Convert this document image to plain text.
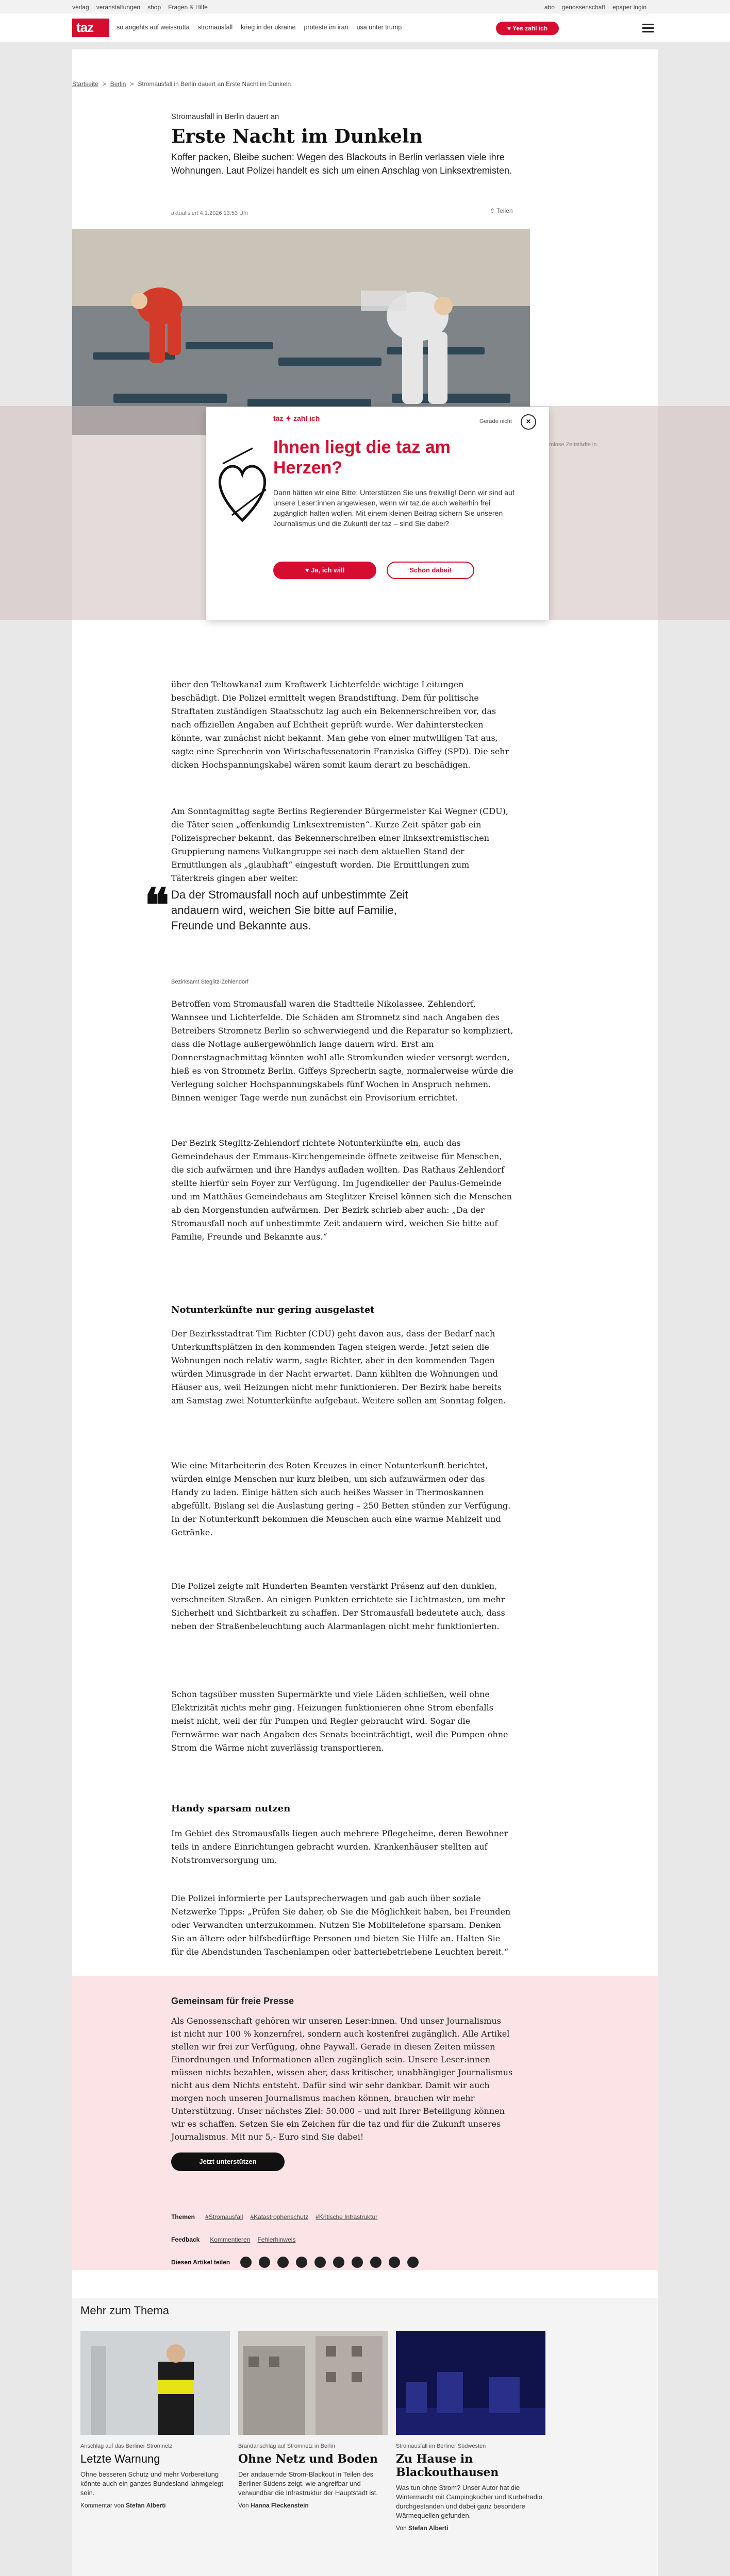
verlag veranstaltungen shop Fragen & Hilfe	abo genossenschaft epaper login
taz	so angehts auf weissrutta stromausfall krieg in der ukraine proteste im iran usa unter trump	♥ Yes zahl ich
Startseite > Berlin > Stromausfall in Berlin dauert an Erste Nacht im Dunkeln
Stromausfall in Berlin dauert an
Erste Nacht im Dunkeln
Koffer packen, Bleibe suchen: Wegen des Blackouts in Berlin verlassen viele ihre Wohnungen. Laut Polizei handelt es sich um einen Anschlag von Linksextremisten.
aktualisiert 4.1.2026 13:53 Uhr	⇪ Teilen

über den Teltowkanal zum Kraftwerk Lichterfelde wichtige Leitungen beschädigt. Die Polizei ermittelt wegen Brandstiftung. Dem für politische Straftaten zuständigen Staatsschutz lag auch ein Bekennerschreiben vor, das nach offiziellen Angaben auf Echtheit geprüft wurde. Wer dahinterstecken könnte, war zunächst nicht bekannt. Man gehe von einer mutwilligen Tat aus, sagte eine Sprecherin von Wirtschaftssenatorin Franziska Giffey (SPD). Die sehr dicken Hochspannungskabel wären somit kaum derart zu beschädigen.

Am Sonntagmittag sagte Berlins Regierender Bürgermeister Kai Wegner (CDU), die Täter seien „offenkundig Linksextremisten“. Kurze Zeit später gab ein Polizeisprecher bekannt, das Bekennerschreiben einer linksextremistischen Gruppierung namens Vulkangruppe sei nach dem aktuellen Stand der Ermittlungen als „glaubhaft“ eingestuft worden. Die Ermittlungen zum Täterkreis gingen aber weiter.

❝ Da der Stromausfall noch auf unbestimmte Zeit andauern wird, weichen Sie bitte auf Familie, Freunde und Bekannte aus.
Bezirksamt Steglitz-Zehlendorf

Betroffen vom Stromausfall waren die Stadtteile Nikolassee, Zehlendorf, Wannsee und Lichterfelde. Die Schäden am Stromnetz sind nach Angaben des Betreibers Stromnetz Berlin so schwerwiegend und die Reparatur so kompliziert, dass die Notlage außergewöhnlich lange dauern wird. Erst am Donnerstagnachmittag könnten wohl alle Stromkunden wieder versorgt werden, hieß es von Stromnetz Berlin. Giffeys Sprecherin sagte, normalerweise würde die Verlegung solcher Hochspannungskabels fünf Wochen in Anspruch nehmen. Binnen weniger Tage werde nun zunächst ein Provisorium errichtet.

Der Bezirk Steglitz-Zehlendorf richtete Notunterkünfte ein, auch das Gemeindehaus der Emmaus-Kirchengemeinde öffnete zeitweise für Menschen, die sich aufwärmen und ihre Handys aufladen wollten. Das Rathaus Zehlendorf stellte hierfür sein Foyer zur Verfügung. Im Jugendkeller der Paulus-Gemeinde und im Matthäus Gemeindehaus am Steglitzer Kreisel können sich die Menschen ab den Morgenstunden aufwärmen. Der Bezirk schrieb aber auch: „Da der Stromausfall noch auf unbestimmte Zeit andauern wird, weichen Sie bitte auf Familie, Freunde und Bekannte aus.“

Notunterkünfte nur gering ausgelastet

Der Bezirksstadtrat Tim Richter (CDU) geht davon aus, dass der Bedarf nach Unterkunftsplätzen in den kommenden Tagen steigen werde. Jetzt seien die Wohnungen noch relativ warm, sagte Richter, aber in den kommenden Tagen würden Minusgrade in der Nacht erwartet. Dann kühlten die Wohnungen und Häuser aus, weil Heizungen nicht mehr funktionieren. Der Bezirk habe bereits am Samstag zwei Notunterkünfte aufgebaut. Weitere sollen am Sonntag folgen.

Wie eine Mitarbeiterin des Roten Kreuzes in einer Notunterkunft berichtet, würden einige Menschen nur kurz bleiben, um sich aufzuwärmen oder das Handy zu laden. Einige hätten sich auch heißes Wasser in Thermoskannen abgefüllt. Bislang sei die Auslastung gering – 250 Betten stünden zur Verfügung. In der Notunterkunft bekommen die Menschen auch eine warme Mahlzeit und Getränke.

Die Polizei zeigte mit Hunderten Beamten verstärkt Präsenz auf den dunklen, verschneiten Straßen. An einigen Punkten errichtete sie Lichtmasten, um mehr Sicherheit und Sichtbarkeit zu schaffen. Der Stromausfall bedeutete auch, dass neben der Straßenbeleuchtung auch Alarmanlagen nicht mehr funktionierten.

Schon tagsüber mussten Supermärkte und viele Läden schließen, weil ohne Elektrizität nichts mehr ging. Heizungen funktionieren ohne Strom ebenfalls meist nicht, weil der für Pumpen und Regler gebraucht wird. Sogar die Fernwärme war nach Angaben des Senats beeinträchtigt, weil die Pumpen ohne Strom die Wärme nicht zuverlässig transportieren.

Handy sparsam nutzen

Im Gebiet des Stromausfalls liegen auch mehrere Pflegeheime, deren Bewohner teils in andere Einrichtungen gebracht wurden. Krankenhäuser stellten auf Notstromversorgung um.

Die Polizei informierte per Lautsprecherwagen und gab auch über soziale Netzwerke Tipps: „Prüfen Sie daher, ob Sie die Möglichkeit haben, bei Freunden oder Verwandten unterzukommen. Nutzen Sie Mobiltelefone sparsam. Denken Sie an ältere oder hilfsbedürftige Personen und bieten Sie Hilfe an. Halten Sie für die Abendstunden Taschenlampen oder batteriebetriebene Leuchten bereit.“

Gemeinsam für freie Presse

Als Genossenschaft gehören wir unseren Leser:innen. Und unser Journalismus ist nicht nur 100 % konzernfrei, sondern auch kostenfrei zugänglich. Alle Artikel stellen wir frei zur Verfügung, ohne Paywall. Gerade in diesen Zeiten müssen Einordnungen und Informationen allen zugänglich sein. Unsere Leser:innen müssen nichts bezahlen, wissen aber, dass kritischer, unabhängiger Journalismus nicht aus dem Nichts entsteht. Dafür sind wir sehr dankbar. Damit wir auch morgen noch unseren Journalismus machen können, brauchen wir mehr Unterstützung. Unser nächstes Ziel: 50.000 – und mit Ihrer Beteiligung können wir es schaffen. Setzen Sie ein Zeichen für die taz und für die Zukunft unseres Journalismus. Mit nur 5,- Euro sind Sie dabei!

Jetzt unterstützen
Themen #Stromausfall #Katastrophenschutz #Kritische Infrastruktur
Feedback Kommentieren Fehlerhinweis
Diesen Artikel teilen
Mehr zum Thema
Anschlag auf das Berliner Stromnetz
Letzte Warnung
Ohne besseren Schutz und mehr Vorbereitung könnte auch ein ganzes Bundesland lahmgelegt sein.
Kommentar von Stefan Alberti
Brandanschlag auf Stromnetz in Berlin
Ohne Netz und Boden
Der andauernde Strom-Blackout in Teilen des Berliner Südens zeigt, wie angreifbar und verwundbar die Infrastruktur der Hauptstadt ist.
Von Hanna Fleckenstein
Stromausfall im Berliner Südwesten
Zu Hause in Blackouthausen
Was tun ohne Strom? Unser Autor hat die Wintermacht mit Campingkocher und Kurbelradio durchgestanden und dabei ganz besondere Wärmequellen gefunden.
Von Stefan Alberti

taz ✦ zahl ich	Gerade nicht	×
Ihnen liegt die taz am Herzen?

Dann hätten wir eine Bitte: Unterstützen Sie uns freiwillig! Denn wir sind auf unsere Leser:innen angewiesen, wenn wir taz.de auch weiterhin frei zugänglich halten wollen. Mit einem kleinen Beitrag sichern Sie unseren Journalismus und die Zukunft der taz – sind Sie dabei?

♥ Ja, ich will	Schon dabei!
